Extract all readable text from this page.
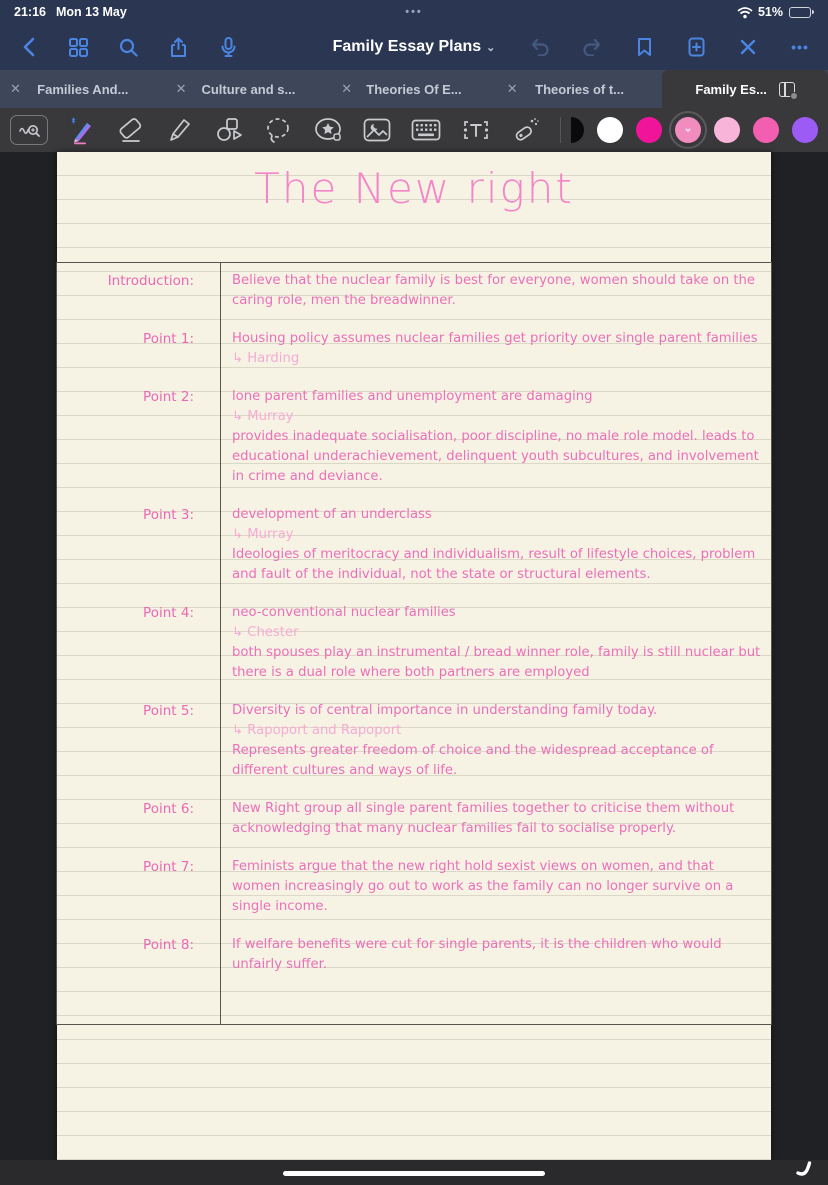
21:16 Mon 13 May	•••	51%
Family Essay Plans ⌄	•••
✕ Families And...	✕ Culture and s...	✕ Theories Of E...	✕ Theories of t...	Family Es...
⌄
The New right
Introduction:	Believe that the nuclear family is best for everyone, women should take on the caring role, men the breadwinner.
Point 1:	Housing policy assumes nuclear families get priority over single parent families
↳ Harding
Point 2:	lone parent families and unemployment are damaging
↳ Murray
provides inadequate socialisation, poor discipline, no male role model. leads to educational underachievement, delinquent youth subcultures, and involvement in crime and deviance.
Point 3:	development of an underclass
↳ Murray
Ideologies of meritocracy and individualism, result of lifestyle choices, problem and fault of the individual, not the state or structural elements.
Point 4:	neo-conventional nuclear families
↳ Chester
both spouses play an instrumental / bread winner role, family is still nuclear but there is a dual role where both partners are employed
Point 5:	Diversity is of central importance in understanding family today.
↳ Rapoport and Rapoport
Represents greater freedom of choice and the widespread acceptance of different cultures and ways of life.
Point 6:	New Right group all single parent families together to criticise them without acknowledging that many nuclear families fail to socialise properly.
Point 7:	Feminists argue that the new right hold sexist views on women, and that women increasingly go out to work as the family can no longer survive on a single income.
Point 8:	If welfare benefits were cut for single parents, it is the children who would unfairly suffer.
